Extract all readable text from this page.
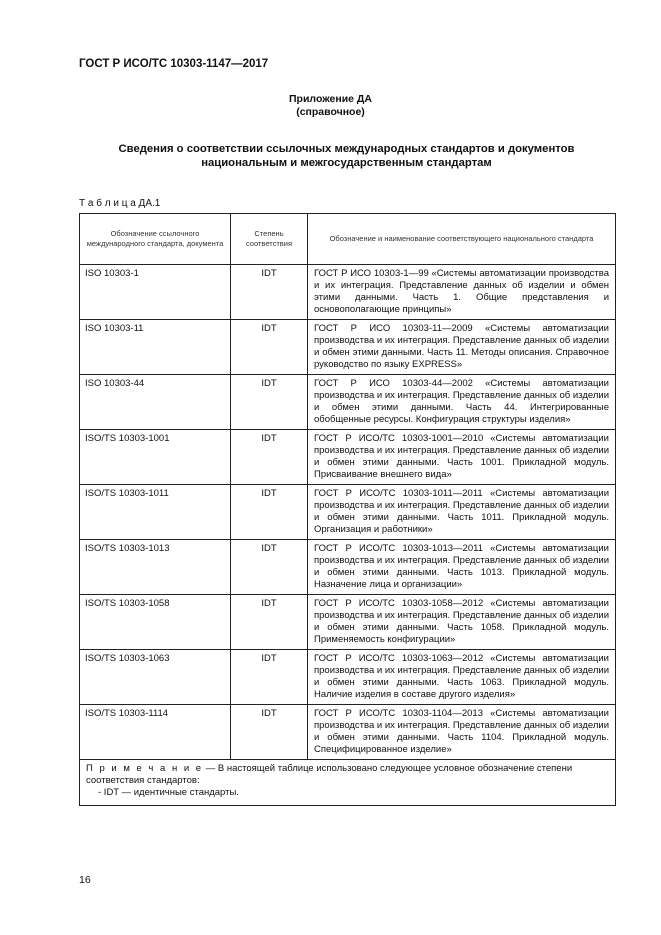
ГОСТ Р ИСО/ТС 10303-1147—2017
Приложение ДА
(справочное)
Сведения о соответствии ссылочных международных стандартов и документов национальным и межгосударственным стандартам
Т а б л и ц а ДА.1
Обозначение ссылочного международного стандарта, документа	Степень соответствия	Обозначение и наименование соответствующего национального стандарта
ISO 10303-1	IDT	ГОСТ Р ИСО 10303-1—99 «Системы автоматизации производства и их интеграция. Представление данных об изделии и обмен этими данными. Часть 1. Общие представления и основополагающие принципы»
ISO 10303-11	IDT	ГОСТ Р ИСО 10303-11—2009 «Системы автоматизации производства и их интеграция. Представление данных об изделии и обмен этими данными. Часть 11. Методы описания. Справочное руководство по языку EXPRESS»
ISO 10303-44	IDT	ГОСТ Р ИСО 10303-44—2002 «Системы автоматизации производства и их интеграция. Представление данных об изделии и обмен этими данными. Часть 44. Интегрированные обобщенные ресурсы. Конфигурация структуры изделия»
ISO/TS 10303-1001	IDT	ГОСТ Р ИСО/ТС 10303-1001—2010 «Системы автоматизации производства и их интеграция. Представление данных об изделии и обмен этими данными. Часть 1001. Прикладной модуль. Присваивание внешнего вида»
ISO/TS 10303-1011	IDT	ГОСТ Р ИСО/ТС 10303-1011—2011 «Системы автоматизации производства и их интеграция. Представление данных об изделии и обмен этими данными. Часть 1011. Прикладной модуль. Организация и работники»
ISO/TS 10303-1013	IDT	ГОСТ Р ИСО/ТС 10303-1013—2011 «Системы автоматизации производства и их интеграция. Представление данных об изделии и обмен этими данными. Часть 1013. Прикладной модуль. Назначение лица и организации»
ISO/TS 10303-1058	IDT	ГОСТ Р ИСО/ТС 10303-1058—2012 «Системы автоматизации производства и их интеграция. Представление данных об изделии и обмен этими данными. Часть 1058. Прикладной модуль. Применяемость конфигурации»
ISO/TS 10303-1063	IDT	ГОСТ Р ИСО/ТС 10303-1063—2012 «Системы автоматизации производства и их интеграция. Представление данных об изделии и обмен этими данными. Часть 1063. Прикладной модуль. Наличие изделия в составе другого изделия»
ISO/TS 10303-1114	IDT	ГОСТ Р ИСО/ТС 10303-1104—2013 «Системы автоматизации производства и их интеграция. Представление данных об изделии и обмен этими данными. Часть 1104. Прикладной модуль. Специфицированное изделие»
П р и м е ч а н и е — В настоящей таблице использовано следующее условное обозначение степени соответствия стандартов:
- IDT — идентичные стандарты.		
16
